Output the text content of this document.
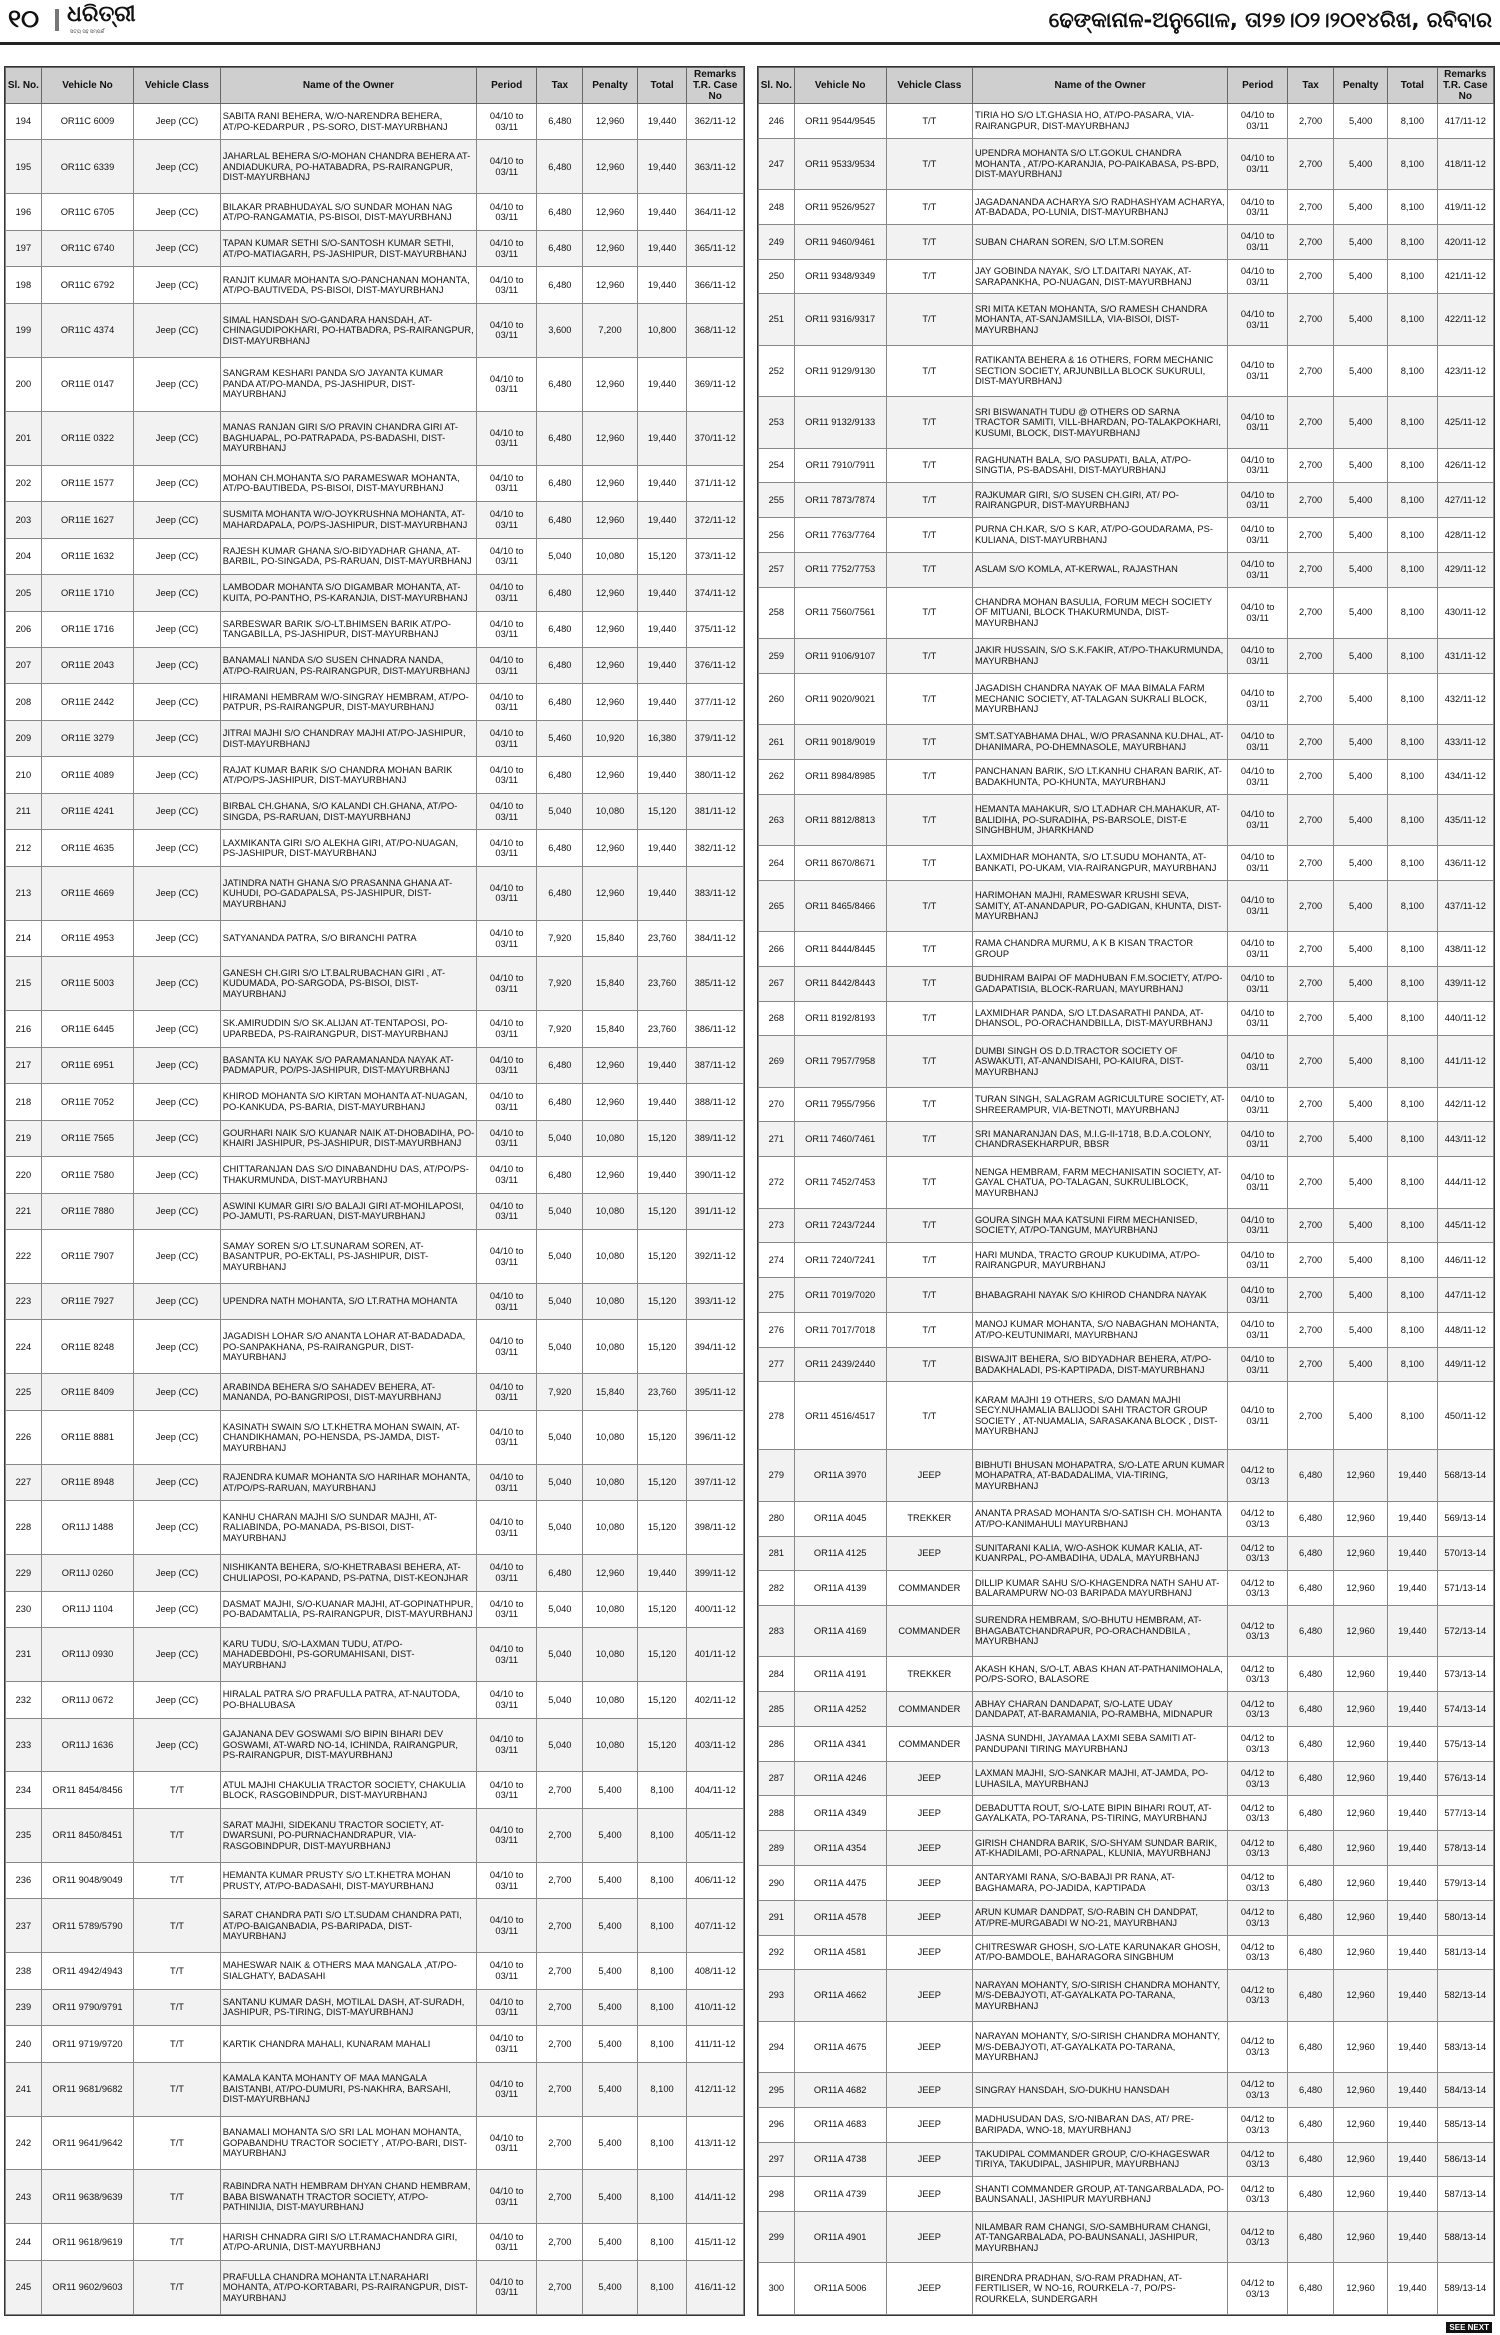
୧୦ ଧରିତ୍ରୀ
ସତ୍ୟ ସହ ସମ୍ପର୍କ	ଢେଙ୍କାନାଳ-ଅନୁଗୋଳ, ତା୨୭।୦୨।୨୦୧୪ରିଖ, ରବିବାର
Sl. No.	Vehicle No	Vehicle Class	Name of the Owner	Period	Tax	Penalty	Total	Remarks T.R. Case No
194	OR11C 6009	Jeep (CC)	SABITA RANI BEHERA, W/O-NARENDRA BEHERA, AT/PO-KEDARPUR , PS-SORO, DIST-MAYURBHANJ	04/10 to 03/11	6,480	12,960	19,440	362/11-12
195	OR11C 6339	Jeep (CC)	JAHARLAL BEHERA S/O-MOHAN CHANDRA BEHERA AT-ANDIADUKURA, PO-HATABADRA, PS-RAIRANGPUR, DIST-MAYURBHANJ	04/10 to 03/11	6,480	12,960	19,440	363/11-12
196	OR11C 6705	Jeep (CC)	BILAKAR PRABHUDAYAL S/O SUNDAR MOHAN NAG AT/PO-RANGAMATIA, PS-BISOI, DIST-MAYURBHANJ	04/10 to 03/11	6,480	12,960	19,440	364/11-12
197	OR11C 6740	Jeep (CC)	TAPAN KUMAR SETHI S/O-SANTOSH KUMAR SETHI, AT/PO-MATIAGARH, PS-JASHIPUR, DIST-MAYURBHANJ	04/10 to 03/11	6,480	12,960	19,440	365/11-12
198	OR11C 6792	Jeep (CC)	RANJIT KUMAR MOHANTA S/O-PANCHANAN MOHANTA, AT/PO-BAUTIVEDA, PS-BISOI, DIST-MAYURBHANJ	04/10 to 03/11	6,480	12,960	19,440	366/11-12
199	OR11C 4374	Jeep (CC)	SIMAL HANSDAH S/O-GANDARA HANSDAH, AT-CHINAGUDIPOKHARI, PO-HATBADRA, PS-RAIRANGPUR, DIST-MAYURBHANJ	04/10 to 03/11	3,600	7,200	10,800	368/11-12
200	OR11E 0147	Jeep (CC)	SANGRAM KESHARI PANDA S/O JAYANTA KUMAR PANDA AT/PO-MANDA, PS-JASHIPUR, DIST-MAYURBHANJ	04/10 to 03/11	6,480	12,960	19,440	369/11-12
201	OR11E 0322	Jeep (CC)	MANAS RANJAN GIRI S/O PRAVIN CHANDRA GIRI AT-BAGHUAPAL, PO-PATRAPADA, PS-BADASHI, DIST-MAYURBHANJ	04/10 to 03/11	6,480	12,960	19,440	370/11-12
202	OR11E 1577	Jeep (CC)	MOHAN CH.MOHANTA S/O PARAMESWAR MOHANTA, AT/PO-BAUTIBEDA, PS-BISOI, DIST-MAYURBHANJ	04/10 to 03/11	6,480	12,960	19,440	371/11-12
203	OR11E 1627	Jeep (CC)	SUSMITA MOHANTA W/O-JOYKRUSHNA MOHANTA, AT-MAHARDAPALA, PO/PS-JASHIPUR, DIST-MAYURBHANJ	04/10 to 03/11	6,480	12,960	19,440	372/11-12
204	OR11E 1632	Jeep (CC)	RAJESH KUMAR GHANA S/O-BIDYADHAR GHANA, AT-BARBIL, PO-SINGADA, PS-RARUAN, DIST-MAYURBHANJ	04/10 to 03/11	5,040	10,080	15,120	373/11-12
205	OR11E 1710	Jeep (CC)	LAMBODAR MOHANTA S/O DIGAMBAR MOHANTA, AT-KUITA, PO-PANTHO, PS-KARANJIA, DIST-MAYURBHANJ	04/10 to 03/11	6,480	12,960	19,440	374/11-12
206	OR11E 1716	Jeep (CC)	SARBESWAR BARIK S/O-LT.BHIMSEN BARIK AT/PO-TANGABILLA, PS-JASHIPUR, DIST-MAYURBHANJ	04/10 to 03/11	6,480	12,960	19,440	375/11-12
207	OR11E 2043	Jeep (CC)	BANAMALI NANDA S/O SUSEN CHNADRA NANDA, AT/PO-RAIRUAN, PS-RAIRANGPUR, DIST-MAYURBHANJ	04/10 to 03/11	6,480	12,960	19,440	376/11-12
208	OR11E 2442	Jeep (CC)	HIRAMANI HEMBRAM W/O-SINGRAY HEMBRAM, AT/PO-PATPUR, PS-RAIRANGPUR, DIST-MAYURBHANJ	04/10 to 03/11	6,480	12,960	19,440	377/11-12
209	OR11E 3279	Jeep (CC)	JITRAI MAJHI S/O CHANDRAY MAJHI AT/PO-JASHIPUR, DIST-MAYURBHANJ	04/10 to 03/11	5,460	10,920	16,380	379/11-12
210	OR11E 4089	Jeep (CC)	RAJAT KUMAR BARIK S/O CHANDRA MOHAN BARIK AT/PO/PS-JASHIPUR, DIST-MAYURBHANJ	04/10 to 03/11	6,480	12,960	19,440	380/11-12
211	OR11E 4241	Jeep (CC)	BIRBAL CH.GHANA, S/O KALANDI CH.GHANA, AT/PO-SINGDA, PS-RARUAN, DIST-MAYURBHANJ	04/10 to 03/11	5,040	10,080	15,120	381/11-12
212	OR11E 4635	Jeep (CC)	LAXMIKANTA GIRI S/O ALEKHA GIRI, AT/PO-NUAGAN, PS-JASHIPUR, DIST-MAYURBHANJ	04/10 to 03/11	6,480	12,960	19,440	382/11-12
213	OR11E 4669	Jeep (CC)	JATINDRA NATH GHANA S/O PRASANNA GHANA AT-KUHUDI, PO-GADAPALSA, PS-JASHIPUR, DIST-MAYURBHANJ	04/10 to 03/11	6,480	12,960	19,440	383/11-12
214	OR11E 4953	Jeep (CC)	SATYANANDA PATRA, S/O BIRANCHI PATRA	04/10 to 03/11	7,920	15,840	23,760	384/11-12
215	OR11E 5003	Jeep (CC)	GANESH CH.GIRI S/O LT.BALRUBACHAN GIRI , AT-KUDUMADA, PO-SARGODA, PS-BISOI, DIST-MAYURBHANJ	04/10 to 03/11	7,920	15,840	23,760	385/11-12
216	OR11E 6445	Jeep (CC)	SK.AMIRUDDIN S/O SK.ALIJAN AT-TENTAPOSI, PO-UPARBEDA, PS-RAIRANGPUR, DIST-MAYURBHANJ	04/10 to 03/11	7,920	15,840	23,760	386/11-12
217	OR11E 6951	Jeep (CC)	BASANTA KU NAYAK S/O PARAMANANDA NAYAK AT-PADMAPUR, PO/PS-JASHIPUR, DIST-MAYURBHANJ	04/10 to 03/11	6,480	12,960	19,440	387/11-12
218	OR11E 7052	Jeep (CC)	KHIROD MOHANTA S/O KIRTAN MOHANTA AT-NUAGAN, PO-KANKUDA, PS-BARIA, DIST-MAYURBHANJ	04/10 to 03/11	6,480	12,960	19,440	388/11-12
219	OR11E 7565	Jeep (CC)	GOURHARI NAIK S/O KUANAR NAIK AT-DHOBADIHA, PO-KHAIRI JASHIPUR, PS-JASHIPUR, DIST-MAYURBHANJ	04/10 to 03/11	5,040	10,080	15,120	389/11-12
220	OR11E 7580	Jeep (CC)	CHITTARANJAN DAS S/O DINABANDHU DAS, AT/PO/PS-THAKURMUNDA, DIST-MAYURBHANJ	04/10 to 03/11	6,480	12,960	19,440	390/11-12
221	OR11E 7880	Jeep (CC)	ASWINI KUMAR GIRI S/O BALAJI GIRI AT-MOHILAPOSI, PO-JAMUTI, PS-RARUAN, DIST-MAYURBHANJ	04/10 to 03/11	5,040	10,080	15,120	391/11-12
222	OR11E 7907	Jeep (CC)	SAMAY SOREN S/O LT.SUNARAM SOREN, AT-BASANTPUR, PO-EKTALI, PS-JASHIPUR, DIST-MAYURBHANJ	04/10 to 03/11	5,040	10,080	15,120	392/11-12
223	OR11E 7927	Jeep (CC)	UPENDRA NATH MOHANTA, S/O LT.RATHA MOHANTA	04/10 to 03/11	5,040	10,080	15,120	393/11-12
224	OR11E 8248	Jeep (CC)	JAGADISH LOHAR S/O ANANTA LOHAR AT-BADADADA, PO-SANPAKHANA, PS-RAIRANGPUR, DIST-MAYURBHANJ	04/10 to 03/11	5,040	10,080	15,120	394/11-12
225	OR11E 8409	Jeep (CC)	ARABINDA BEHERA S/O SAHADEV BEHERA, AT-MANANDA, PO-BANGRIPOSI, DIST-MAYURBHANJ	04/10 to 03/11	7,920	15,840	23,760	395/11-12
226	OR11E 8881	Jeep (CC)	KASINATH SWAIN S/O LT.KHETRA MOHAN SWAIN, AT-CHANDIKHAMAN, PO-HENSDA, PS-JAMDA, DIST-MAYURBHANJ	04/10 to 03/11	5,040	10,080	15,120	396/11-12
227	OR11E 8948	Jeep (CC)	RAJENDRA KUMAR MOHANTA S/O HARIHAR MOHANTA, AT/PO/PS-RARUAN, MAYURBHANJ	04/10 to 03/11	5,040	10,080	15,120	397/11-12
228	OR11J 1488	Jeep (CC)	KANHU CHARAN MAJHI S/O SUNDAR MAJHI, AT-RALIABINDA, PO-MANADA, PS-BISOI, DIST-MAYURBHANJ	04/10 to 03/11	5,040	10,080	15,120	398/11-12
229	OR11J 0260	Jeep (CC)	NISHIKANTA BEHERA, S/O-KHETRABASI BEHERA, AT-CHULIAPOSI, PO-KAPAND, PS-PATNA, DIST-KEONJHAR	04/10 to 03/11	6,480	12,960	19,440	399/11-12
230	OR11J 1104	Jeep (CC)	DASMAT MAJHI, S/O-KUANAR MAJHI, AT-GOPINATHPUR, PO-BADAMTALIA, PS-RAIRANGPUR, DIST-MAYURBHANJ	04/10 to 03/11	5,040	10,080	15,120	400/11-12
231	OR11J 0930	Jeep (CC)	KARU TUDU, S/O-LAXMAN TUDU, AT/PO-MAHADEBDOHI, PS-GORUMAHISANI, DIST-MAYURBHANJ	04/10 to 03/11	5,040	10,080	15,120	401/11-12
232	OR11J 0672	Jeep (CC)	HIRALAL PATRA S/O PRAFULLA PATRA, AT-NAUTODA, PO-BHALUBASA	04/10 to 03/11	5,040	10,080	15,120	402/11-12
233	OR11J 1636	Jeep (CC)	GAJANANA DEV GOSWAMI S/O BIPIN BIHARI DEV GOSWAMI, AT-WARD NO-14, ICHINDA, RAIRANGPUR, PS-RAIRANGPUR, DIST-MAYURBHANJ	04/10 to 03/11	5,040	10,080	15,120	403/11-12
234	OR11 8454/8456	T/T	ATUL MAJHI CHAKULIA TRACTOR SOCIETY, CHAKULIA BLOCK, RASGOBINDPUR, DIST-MAYURBHANJ	04/10 to 03/11	2,700	5,400	8,100	404/11-12
235	OR11 8450/8451	T/T	SARAT MAJHI, SIDEKANU TRACTOR SOCIETY, AT-DWARSUNI, PO-PURNACHANDRAPUR, VIA-RASGOBINDPUR, DIST-MAYURBHANJ	04/10 to 03/11	2,700	5,400	8,100	405/11-12
236	OR11 9048/9049	T/T	HEMANTA KUMAR PRUSTY S/O LT.KHETRA MOHAN PRUSTY, AT/PO-BADASAHI, DIST-MAYURBHANJ	04/10 to 03/11	2,700	5,400	8,100	406/11-12
237	OR11 5789/5790	T/T	SARAT CHANDRA PATI S/O LT.SUDAM CHANDRA PATI, AT/PO-BAIGANBADIA, PS-BARIPADA, DIST-MAYURBHANJ	04/10 to 03/11	2,700	5,400	8,100	407/11-12
238	OR11 4942/4943	T/T	MAHESWAR NAIK & OTHERS MAA MANGALA ,AT/PO-SIALGHATY, BADASAHI	04/10 to 03/11	2,700	5,400	8,100	408/11-12
239	OR11 9790/9791	T/T	SANTANU KUMAR DASH, MOTILAL DASH, AT-SURADH, JASHIPUR, PS-TIRING, DIST-MAYURBHANJ	04/10 to 03/11	2,700	5,400	8,100	410/11-12
240	OR11 9719/9720	T/T	KARTIK CHANDRA MAHALI, KUNARAM MAHALI	04/10 to 03/11	2,700	5,400	8,100	411/11-12
241	OR11 9681/9682	T/T	KAMALA KANTA MOHANTY OF MAA MANGALA BAISTANBI, AT/PO-DUMURI, PS-NAKHRA, BARSAHI, DIST-MAYURBHANJ	04/10 to 03/11	2,700	5,400	8,100	412/11-12
242	OR11 9641/9642	T/T	BANAMALI MOHANTA S/O SRI LAL MOHAN MOHANTA, GOPABANDHU TRACTOR SOCIETY , AT/PO-BARI, DIST-MAYURBHANJ	04/10 to 03/11	2,700	5,400	8,100	413/11-12
243	OR11 9638/9639	T/T	RABINDRA NATH HEMBRAM DHYAN CHAND HEMBRAM, BABA BISWANATH TRACTOR SOCIETY, AT/PO-PATHINIJIA, DIST-MAYURBHANJ	04/10 to 03/11	2,700	5,400	8,100	414/11-12
244	OR11 9618/9619	T/T	HARISH CHNADRA GIRI S/O LT.RAMACHANDRA GIRI, AT/PO-ARUNIA, DIST-MAYURBHANJ	04/10 to 03/11	2,700	5,400	8,100	415/11-12
245	OR11 9602/9603	T/T	PRAFULLA CHANDRA MOHANTA LT.NARAHARI MOHANTA, AT/PO-KORTABARI, PS-RAIRANGPUR, DIST-MAYURBHANJ	04/10 to 03/11	2,700	5,400	8,100	416/11-12
Sl. No.	Vehicle No	Vehicle Class	Name of the Owner	Period	Tax	Penalty	Total	Remarks T.R. Case No
246	OR11 9544/9545	T/T	TIRIA HO S/O LT.GHASIA HO, AT/PO-PASARA, VIA-RAIRANGPUR, DIST-MAYURBHANJ	04/10 to 03/11	2,700	5,400	8,100	417/11-12
247	OR11 9533/9534	T/T	UPENDRA MOHANTA S/O LT.GOKUL CHANDRA MOHANTA , AT/PO-KARANJIA, PO-PAIKABASA, PS-BPD, DIST-MAYURBHANJ	04/10 to 03/11	2,700	5,400	8,100	418/11-12
248	OR11 9526/9527	T/T	JAGADANANDA ACHARYA S/O RADHASHYAM ACHARYA, AT-BADADA, PO-LUNIA, DIST-MAYURBHANJ	04/10 to 03/11	2,700	5,400	8,100	419/11-12
249	OR11 9460/9461	T/T	SUBAN CHARAN SOREN, S/O LT.M.SOREN	04/10 to 03/11	2,700	5,400	8,100	420/11-12
250	OR11 9348/9349	T/T	JAY GOBINDA NAYAK, S/O LT.DAITARI NAYAK, AT-SARAPANKHA, PO-NUAGAN, DIST-MAYURBHANJ	04/10 to 03/11	2,700	5,400	8,100	421/11-12
251	OR11 9316/9317	T/T	SRI MITA KETAN MOHANTA, S/O RAMESH CHANDRA MOHANTA, AT-SANJAMSILLA, VIA-BISOI, DIST-MAYURBHANJ	04/10 to 03/11	2,700	5,400	8,100	422/11-12
252	OR11 9129/9130	T/T	RATIKANTA BEHERA & 16 OTHERS, FORM MECHANIC SECTION SOCIETY, ARJUNBILLA BLOCK SUKURULI, DIST-MAYURBHANJ	04/10 to 03/11	2,700	5,400	8,100	423/11-12
253	OR11 9132/9133	T/T	SRI BISWANATH TUDU @ OTHERS OD SARNA TRACTOR SAMITI, VILL-BHARDAN, PO-TALAKPOKHARI, KUSUMI, BLOCK, DIST-MAYURBHANJ	04/10 to 03/11	2,700	5,400	8,100	425/11-12
254	OR11 7910/7911	T/T	RAGHUNATH BALA, S/O PASUPATI, BALA, AT/PO-SINGTIA, PS-BADSAHI, DIST-MAYURBHANJ	04/10 to 03/11	2,700	5,400	8,100	426/11-12
255	OR11 7873/7874	T/T	RAJKUMAR GIRI, S/O SUSEN CH.GIRI, AT/ PO-RAIRANGPUR, DIST-MAYURBHANJ	04/10 to 03/11	2,700	5,400	8,100	427/11-12
256	OR11 7763/7764	T/T	PURNA CH.KAR, S/O S KAR, AT/PO-GOUDARAMA, PS-KULIANA, DIST-MAYURBHANJ	04/10 to 03/11	2,700	5,400	8,100	428/11-12
257	OR11 7752/7753	T/T	ASLAM S/O KOMLA, AT-KERWAL, RAJASTHAN	04/10 to 03/11	2,700	5,400	8,100	429/11-12
258	OR11 7560/7561	T/T	CHANDRA MOHAN BASULIA, FORUM MECH SOCIETY OF MITUANI, BLOCK THAKURMUNDA, DIST-MAYURBHANJ	04/10 to 03/11	2,700	5,400	8,100	430/11-12
259	OR11 9106/9107	T/T	JAKIR HUSSAIN, S/O S.K.FAKIR, AT/PO-THAKURMUNDA, MAYURBHANJ	04/10 to 03/11	2,700	5,400	8,100	431/11-12
260	OR11 9020/9021	T/T	JAGADISH CHANDRA NAYAK OF MAA BIMALA FARM MECHANIC SOCIETY, AT-TALAGAN SUKRALI BLOCK, MAYURBHANJ	04/10 to 03/11	2,700	5,400	8,100	432/11-12
261	OR11 9018/9019	T/T	SMT.SATYABHAMA DHAL, W/O PRASANNA KU.DHAL, AT-DHANIMARA, PO-DHEMNASOLE, MAYURBHANJ	04/10 to 03/11	2,700	5,400	8,100	433/11-12
262	OR11 8984/8985	T/T	PANCHANAN BARIK, S/O LT.KANHU CHARAN BARIK, AT-BADAKHUNTA, PO-KHUNTA, MAYURBHANJ	04/10 to 03/11	2,700	5,400	8,100	434/11-12
263	OR11 8812/8813	T/T	HEMANTA MAHAKUR, S/O LT.ADHAR CH.MAHAKUR, AT-BALIDIHA, PO-SURADIHA, PS-BARSOLE, DIST-E SINGHBHUM, JHARKHAND	04/10 to 03/11	2,700	5,400	8,100	435/11-12
264	OR11 8670/8671	T/T	LAXMIDHAR MOHANTA, S/O LT.SUDU MOHANTA, AT-BANKATI, PO-UKAM, VIA-RAIRANGPUR, MAYURBHANJ	04/10 to 03/11	2,700	5,400	8,100	436/11-12
265	OR11 8465/8466	T/T	HARIMOHAN MAJHI, RAMESWAR KRUSHI SEVA, SAMITY, AT-ANANDAPUR, PO-GADIGAN, KHUNTA, DIST-MAYURBHANJ	04/10 to 03/11	2,700	5,400	8,100	437/11-12
266	OR11 8444/8445	T/T	RAMA CHANDRA MURMU, A K B KISAN TRACTOR GROUP	04/10 to 03/11	2,700	5,400	8,100	438/11-12
267	OR11 8442/8443	T/T	BUDHIRAM BAIPAI OF MADHUBAN F.M.SOCIETY, AT/PO-GADAPATISIA, BLOCK-RARUAN, MAYURBHANJ	04/10 to 03/11	2,700	5,400	8,100	439/11-12
268	OR11 8192/8193	T/T	LAXMIDHAR PANDA, S/O LT.DASARATHI PANDA, AT-DHANSOL, PO-ORACHANDBILLA, DIST-MAYURBHANJ	04/10 to 03/11	2,700	5,400	8,100	440/11-12
269	OR11 7957/7958	T/T	DUMBI SINGH OS D.D.TRACTOR SOCIETY OF ASWAKUTI, AT-ANANDISAHI, PO-KAIURA, DIST-MAYURBHANJ	04/10 to 03/11	2,700	5,400	8,100	441/11-12
270	OR11 7955/7956	T/T	TURAN SINGH, SALAGRAM AGRICULTURE SOCIETY, AT-SHREERAMPUR, VIA-BETNOTI, MAYURBHANJ	04/10 to 03/11	2,700	5,400	8,100	442/11-12
271	OR11 7460/7461	T/T	SRI MANARANJAN DAS, M.I.G-II-1718, B.D.A.COLONY, CHANDRASEKHARPUR, BBSR	04/10 to 03/11	2,700	5,400	8,100	443/11-12
272	OR11 7452/7453	T/T	NENGA HEMBRAM, FARM MECHANISATIN SOCIETY, AT-GAYAL CHATUA, PO-TALAGAN, SUKRULIBLOCK, MAYURBHANJ	04/10 to 03/11	2,700	5,400	8,100	444/11-12
273	OR11 7243/7244	T/T	GOURA SINGH MAA KATSUNI FIRM MECHANISED, SOCIETY, AT/PO-TANGUM, MAYURBHANJ	04/10 to 03/11	2,700	5,400	8,100	445/11-12
274	OR11 7240/7241	T/T	HARI MUNDA, TRACTO GROUP KUKUDIMA, AT/PO-RAIRANGPUR, MAYURBHANJ	04/10 to 03/11	2,700	5,400	8,100	446/11-12
275	OR11 7019/7020	T/T	BHABAGRAHI NAYAK S/O KHIROD CHANDRA NAYAK	04/10 to 03/11	2,700	5,400	8,100	447/11-12
276	OR11 7017/7018	T/T	MANOJ KUMAR MOHANTA, S/O NABAGHAN MOHANTA, AT/PO-KEUTUNIMARI, MAYURBHANJ	04/10 to 03/11	2,700	5,400	8,100	448/11-12
277	OR11 2439/2440	T/T	BISWAJIT BEHERA, S/O BIDYADHAR BEHERA, AT/PO-BADAKHALADI, PS-KAPTIPADA, DIST-MAYURBHANJ	04/10 to 03/11	2,700	5,400	8,100	449/11-12
278	OR11 4516/4517	T/T	KARAM MAJHI 19 OTHERS, S/O DAMAN MAJHI SECY.NUHAMALIA BALIJODI SAHI TRACTOR GROUP SOCIETY , AT-NUAMALIA, SARASAKANA BLOCK , DIST-MAYURBHANJ	04/10 to 03/11	2,700	5,400	8,100	450/11-12
279	OR11A 3970	JEEP	BIBHUTI BHUSAN MOHAPATRA, S/O-LATE ARUN KUMAR MOHAPATRA, AT-BADADALIMA, VIA-TIRING, MAYURBHANJ	04/12 to 03/13	6,480	12,960	19,440	568/13-14
280	OR11A 4045	TREKKER	ANANTA PRASAD MOHANTA S/O-SATISH CH. MOHANTA AT/PO-KANIMAHULI MAYURBHANJ	04/12 to 03/13	6,480	12,960	19,440	569/13-14
281	OR11A 4125	JEEP	SUNITARANI KALIA, W/O-ASHOK KUMAR KALIA, AT-KUANRPAL, PO-AMBADIHA, UDALA, MAYURBHANJ	04/12 to 03/13	6,480	12,960	19,440	570/13-14
282	OR11A 4139	COMMANDER	DILLIP KUMAR SAHU S/O-KHAGENDRA NATH SAHU AT-BALARAMPURW NO-03 BARIPADA MAYURBHANJ	04/12 to 03/13	6,480	12,960	19,440	571/13-14
283	OR11A 4169	COMMANDER	SURENDRA HEMBRAM, S/O-BHUTU HEMBRAM, AT-BHAGABATCHANDRAPUR, PO-ORACHANDBILA , MAYURBHANJ	04/12 to 03/13	6,480	12,960	19,440	572/13-14
284	OR11A 4191	TREKKER	AKASH KHAN, S/O-LT. ABAS KHAN AT-PATHANIMOHALA, PO/PS-SORO, BALASORE	04/12 to 03/13	6,480	12,960	19,440	573/13-14
285	OR11A 4252	COMMANDER	ABHAY CHARAN DANDAPAT, S/O-LATE UDAY DANDAPAT, AT-BARAMANIA, PO-RAMBHA, MIDNAPUR	04/12 to 03/13	6,480	12,960	19,440	574/13-14
286	OR11A 4341	COMMANDER	JASNA SUNDHI, JAYAMAA LAXMI SEBA SAMITI AT-PANDUPANI TIRING MAYURBHANJ	04/12 to 03/13	6,480	12,960	19,440	575/13-14
287	OR11A 4246	JEEP	LAXMAN MAJHI, S/O-SANKAR MAJHI, AT-JAMDA, PO-LUHASILA, MAYURBHANJ	04/12 to 03/13	6,480	12,960	19,440	576/13-14
288	OR11A 4349	JEEP	DEBADUTTA ROUT, S/O-LATE BIPIN BIHARI ROUT, AT-GAYALKATA, PO-TARANA, PS-TIRING, MAYURBHANJ	04/12 to 03/13	6,480	12,960	19,440	577/13-14
289	OR11A 4354	JEEP	GIRISH CHANDRA BARIK, S/O-SHYAM SUNDAR BARIK, AT-KHADILAMI, PO-ARNAPAL, KLUNIA, MAYURBHANJ	04/12 to 03/13	6,480	12,960	19,440	578/13-14
290	OR11A 4475	JEEP	ANTARYAMI RANA, S/O-BABAJI PR RANA, AT-BAGHAMARA, PO-JADIDA, KAPTIPADA	04/12 to 03/13	6,480	12,960	19,440	579/13-14
291	OR11A 4578	JEEP	ARUN KUMAR DANDPAT, S/O-RABIN CH DANDPAT, AT/PRE-MURGABADI W NO-21, MAYURBHANJ	04/12 to 03/13	6,480	12,960	19,440	580/13-14
292	OR11A 4581	JEEP	CHITRESWAR GHOSH, S/O-LATE KARUNAKAR GHOSH, AT/PO-BAMDOLE, BAHARAGORA SINGBHUM	04/12 to 03/13	6,480	12,960	19,440	581/13-14
293	OR11A 4662	JEEP	NARAYAN MOHANTY, S/O-SIRISH CHANDRA MOHANTY, M/S-DEBAJYOTI, AT-GAYALKATA PO-TARANA, MAYURBHANJ	04/12 to 03/13	6,480	12,960	19,440	582/13-14
294	OR11A 4675	JEEP	NARAYAN MOHANTY, S/O-SIRISH CHANDRA MOHANTY, M/S-DEBAJYOTI, AT-GAYALKATA PO-TARANA, MAYURBHANJ	04/12 to 03/13	6,480	12,960	19,440	583/13-14
295	OR11A 4682	JEEP	SINGRAY HANSDAH, S/O-DUKHU HANSDAH	04/12 to 03/13	6,480	12,960	19,440	584/13-14
296	OR11A 4683	JEEP	MADHUSUDAN DAS, S/O-NIBARAN DAS, AT/ PRE-BARIPADA, WNO-18, MAYURBHANJ	04/12 to 03/13	6,480	12,960	19,440	585/13-14
297	OR11A 4738	JEEP	TAKUDIPAL COMMANDER GROUP, C/O-KHAGESWAR TIRIYA, TAKUDIPAL, JASHIPUR, MAYURBHANJ	04/12 to 03/13	6,480	12,960	19,440	586/13-14
298	OR11A 4739	JEEP	SHANTI COMMANDER GROUP, AT-TANGARBALADA, PO-BAUNSANALI, JASHIPUR MAYURBHANJ	04/12 to 03/13	6,480	12,960	19,440	587/13-14
299	OR11A 4901	JEEP	NILAMBAR RAM CHANGI, S/O-SAMBHURAM CHANGI, AT-TANGARBALADA, PO-BAUNSANALI, JASHIPUR, MAYURBHANJ	04/12 to 03/13	6,480	12,960	19,440	588/13-14
300	OR11A 5006	JEEP	BIRENDRA PRADHAN, S/O-RAM PRADHAN, AT-FERTILISER, W NO-16, ROURKELA -7, PO/PS-ROURKELA, SUNDERGARH	04/12 to 03/13	6,480	12,960	19,440	589/13-14
SEE NEXT
